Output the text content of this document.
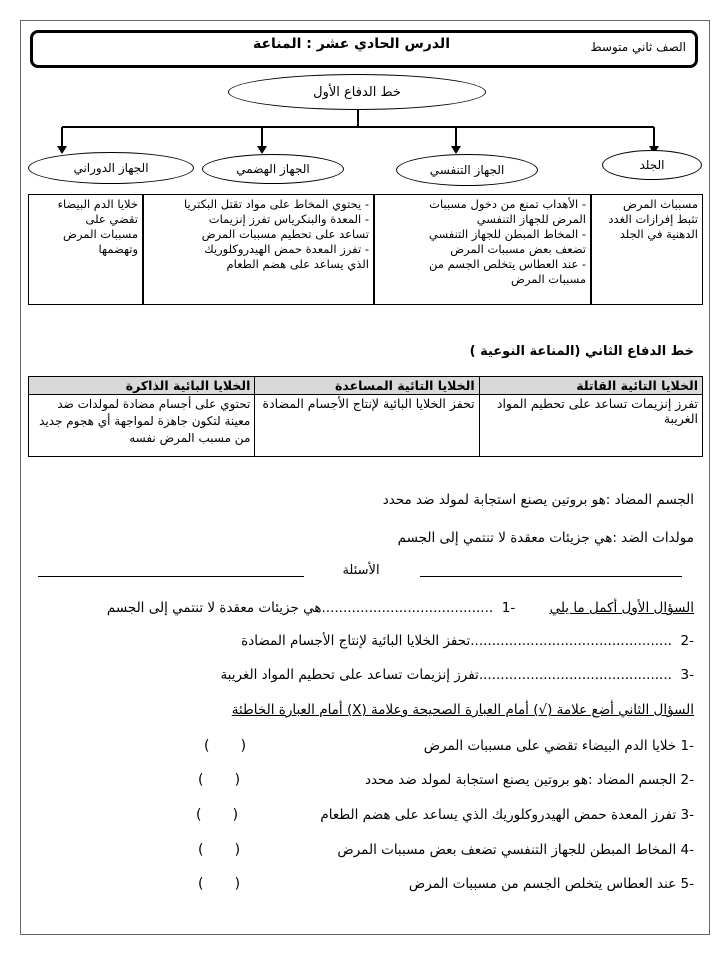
الدرس الحادي عشر : المناعة	الصف ثاني متوسط
خط الدفاع الأول
الجلد
الجهاز التنفسي
الجهاز الهضمي
الجهاز الدوراني
مسببات المرض
تثبط إفرازات الغدد
الدهنية في الجلد
- الأهداب تمنع من دخول مسببات
المرض للجهاز التنفسي
- المخاط المبطن للجهاز التنفسي
تضعف بعض مسببات المرض
- عند العطاس يتخلص الجسم من
مسببات المرض
- يحتوي المخاط على مواد تقتل البكتريا
- المعدة والبنكرياس تفرز إنزيمات
تساعد على تحطيم مسببات المرض
- تفرز المعدة حمض الهيدروكلوريك
الذي يساعد على هضم الطعام
خلايا الدم البيضاء
تقضي على
مسببات المرض
وتهضمها
خط الدفاع الثاني (المناعة النوعية )
الخلايا التائية القاتلة	الخلايا التائية المساعدة	الخلايا البائية الذاكرة
تفرز إنزيمات تساعد على تحطيم المواد الغريبة	تحفز الخلايا البائية لإنتاج الأجسام المضادة	تحتوي على أجسام مضادة لمولدات ضد معينة لتكون جاهزة لمواجهة أي هجوم جديد من مسبب المرض نفسه
الجسم المضاد :هو بروتين يصنع استجابة لمولد ضد محدد
مولدات الضد :هي جزيئات معقدة لا تنتمي إلى الجسم
الأسئلة
السؤال الأول أكمل ما يلي        -1  ........................................هي جزيئات معقدة لا تنتمي إلى الجسم
-2  ...............................................تحفز الخلايا البائية لإنتاج الأجسام المضادة
-3  .............................................تفرز إنزيمات تساعد على تحطيم المواد الغريبة
السؤال الثاني أضع علامة (√) أمام العبارة الصحيحة وعلامة (X) أمام العبارة الخاطئة
-1 خلايا الدم البيضاء تقضي على مسببات المرض
(       )
-2 الجسم المضاد :هو بروتين يصنع استجابة لمولد ضد محدد
(       )
-3 تفرز المعدة حمض الهيدروكلوريك الذي يساعد على هضم الطعام
(       )
-4 المخاط المبطن للجهاز التنفسي تضعف بعض مسببات المرض
(       )
-5 عند العطاس يتخلص الجسم من مسببات المرض
(       )
